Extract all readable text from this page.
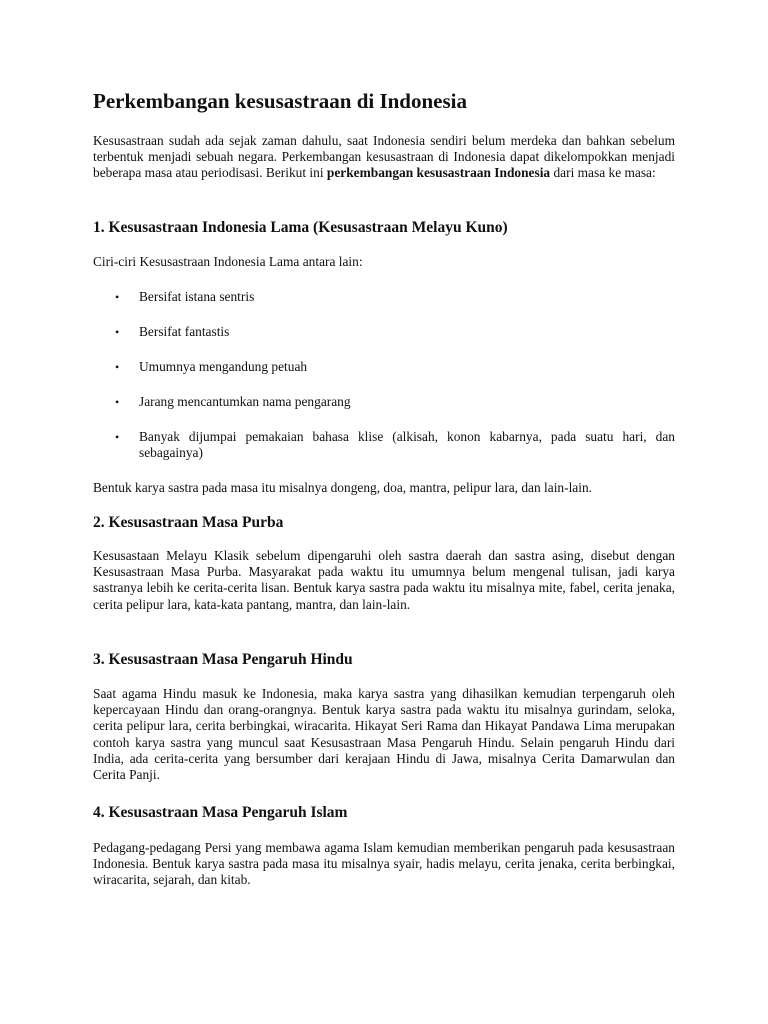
Perkembangan kesusastraan di Indonesia

Kesusastraan sudah ada sejak zaman dahulu, saat Indonesia sendiri belum merdeka dan bahkan sebelum terbentuk menjadi sebuah negara. Perkembangan kesusastraan di Indonesia dapat dikelompokkan menjadi beberapa masa atau periodisasi. Berikut ini perkembangan kesusastraan Indonesia dari masa ke masa:

1. Kesusastraan Indonesia Lama (Kesusastraan Melayu Kuno)

Ciri-ciri Kesusastraan Indonesia Lama antara lain:

• Bersifat istana sentris
• Bersifat fantastis
• Umumnya mengandung petuah
• Jarang mencantumkan nama pengarang
• Banyak dijumpai pemakaian bahasa klise (alkisah, konon kabarnya, pada suatu hari, dan sebagainya)

Bentuk karya sastra pada masa itu misalnya dongeng, doa, mantra, pelipur lara, dan lain-lain.

2. Kesusastraan Masa Purba

Kesusastaan Melayu Klasik sebelum dipengaruhi oleh sastra daerah dan sastra asing, disebut dengan Kesusastraan Masa Purba. Masyarakat pada waktu itu umumnya belum mengenal tulisan, jadi karya sastranya lebih ke cerita-cerita lisan. Bentuk karya sastra pada waktu itu misalnya mite, fabel, cerita jenaka, cerita pelipur lara, kata-kata pantang, mantra, dan lain-lain.

3. Kesusastraan Masa Pengaruh Hindu

Saat agama Hindu masuk ke Indonesia, maka karya sastra yang dihasilkan kemudian terpengaruh oleh kepercayaan Hindu dan orang-orangnya. Bentuk karya sastra pada waktu itu misalnya gurindam, seloka, cerita pelipur lara, cerita berbingkai, wiracarita. Hikayat Seri Rama dan Hikayat Pandawa Lima merupakan contoh karya sastra yang muncul saat Kesusastraan Masa Pengaruh Hindu. Selain pengaruh Hindu dari India, ada cerita-cerita yang bersumber dari kerajaan Hindu di Jawa, misalnya Cerita Damarwulan dan Cerita Panji.

4. Kesusastraan Masa Pengaruh Islam

Pedagang-pedagang Persi yang membawa agama Islam kemudian memberikan pengaruh pada kesusastraan Indonesia. Bentuk karya sastra pada masa itu misalnya syair, hadis melayu, cerita jenaka, cerita berbingkai, wiracarita, sejarah, dan kitab.
